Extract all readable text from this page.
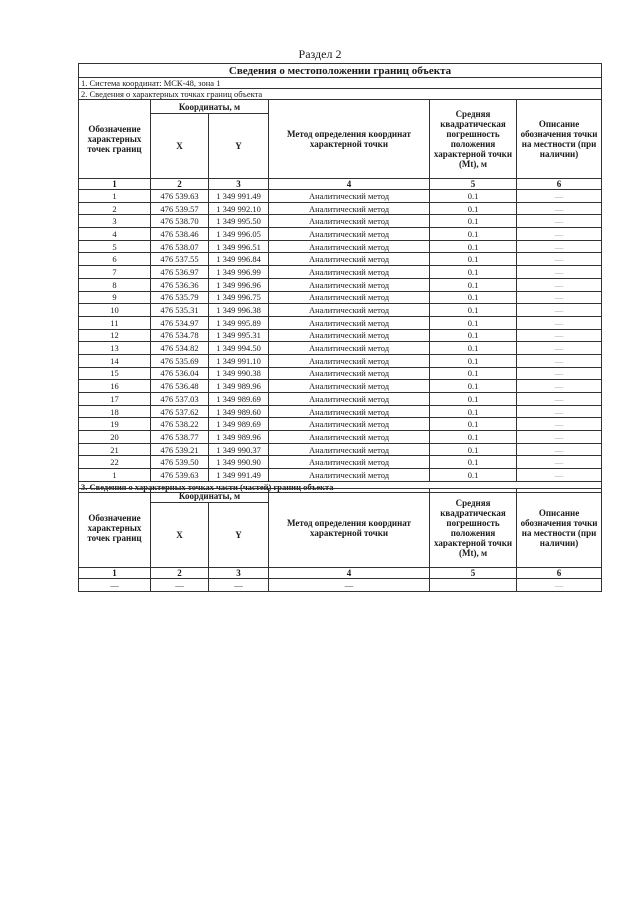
Раздел 2
Сведения о местоположении границ объекта					
1. Система координат: МСК-48, зона 1					
2. Сведения о характерных точках границ объекта					
Обозначение характерных точек границ	Координаты, м		Метод определения координат характерной точки	Средняя квадратическая погрешность положения характерной точки (Mt), м	Описание обозначения точки на местности (при наличии)
	X	Y			
1	2	3	4	5	6
1	476 539.63	1 349 991.49	Аналитический метод	0.1	—
2	476 539.57	1 349 992.10	Аналитический метод	0.1	—
3	476 538.70	1 349 995.50	Аналитический метод	0.1	—
4	476 538.46	1 349 996.05	Аналитический метод	0.1	—
5	476 538.07	1 349 996.51	Аналитический метод	0.1	—
6	476 537.55	1 349 996.84	Аналитический метод	0.1	—
7	476 536.97	1 349 996.99	Аналитический метод	0.1	—
8	476 536.36	1 349 996.96	Аналитический метод	0.1	—
9	476 535.79	1 349 996.75	Аналитический метод	0.1	—
10	476 535.31	1 349 996.38	Аналитический метод	0.1	—
11	476 534.97	1 349 995.89	Аналитический метод	0.1	—
12	476 534.78	1 349 995.31	Аналитический метод	0.1	—
13	476 534.82	1 349 994.50	Аналитический метод	0.1	—
14	476 535.69	1 349 991.10	Аналитический метод	0.1	—
15	476 536.04	1 349 990.38	Аналитический метод	0.1	—
16	476 536.48	1 349 989.96	Аналитический метод	0.1	—
17	476 537.03	1 349 989.69	Аналитический метод	0.1	—
18	476 537.62	1 349 989.60	Аналитический метод	0.1	—
19	476 538.22	1 349 989.69	Аналитический метод	0.1	—
20	476 538.77	1 349 989.96	Аналитический метод	0.1	—
21	476 539.21	1 349 990.37	Аналитический метод	0.1	—
22	476 539.50	1 349 990.90	Аналитический метод	0.1	—
1	476 539.63	1 349 991.49	Аналитический метод	0.1	—
3. Сведения о характерных точках части (частей) границ объекта					
Обозначение характерных точек границ	Координаты, м		Метод определения координат характерной точки	Средняя квадратическая погрешность положения характерной точки (Mt), м	Описание обозначения точки на местности (при наличии)
	X	Y			
1	2	3	4	5	6
—	—	—	—		—
